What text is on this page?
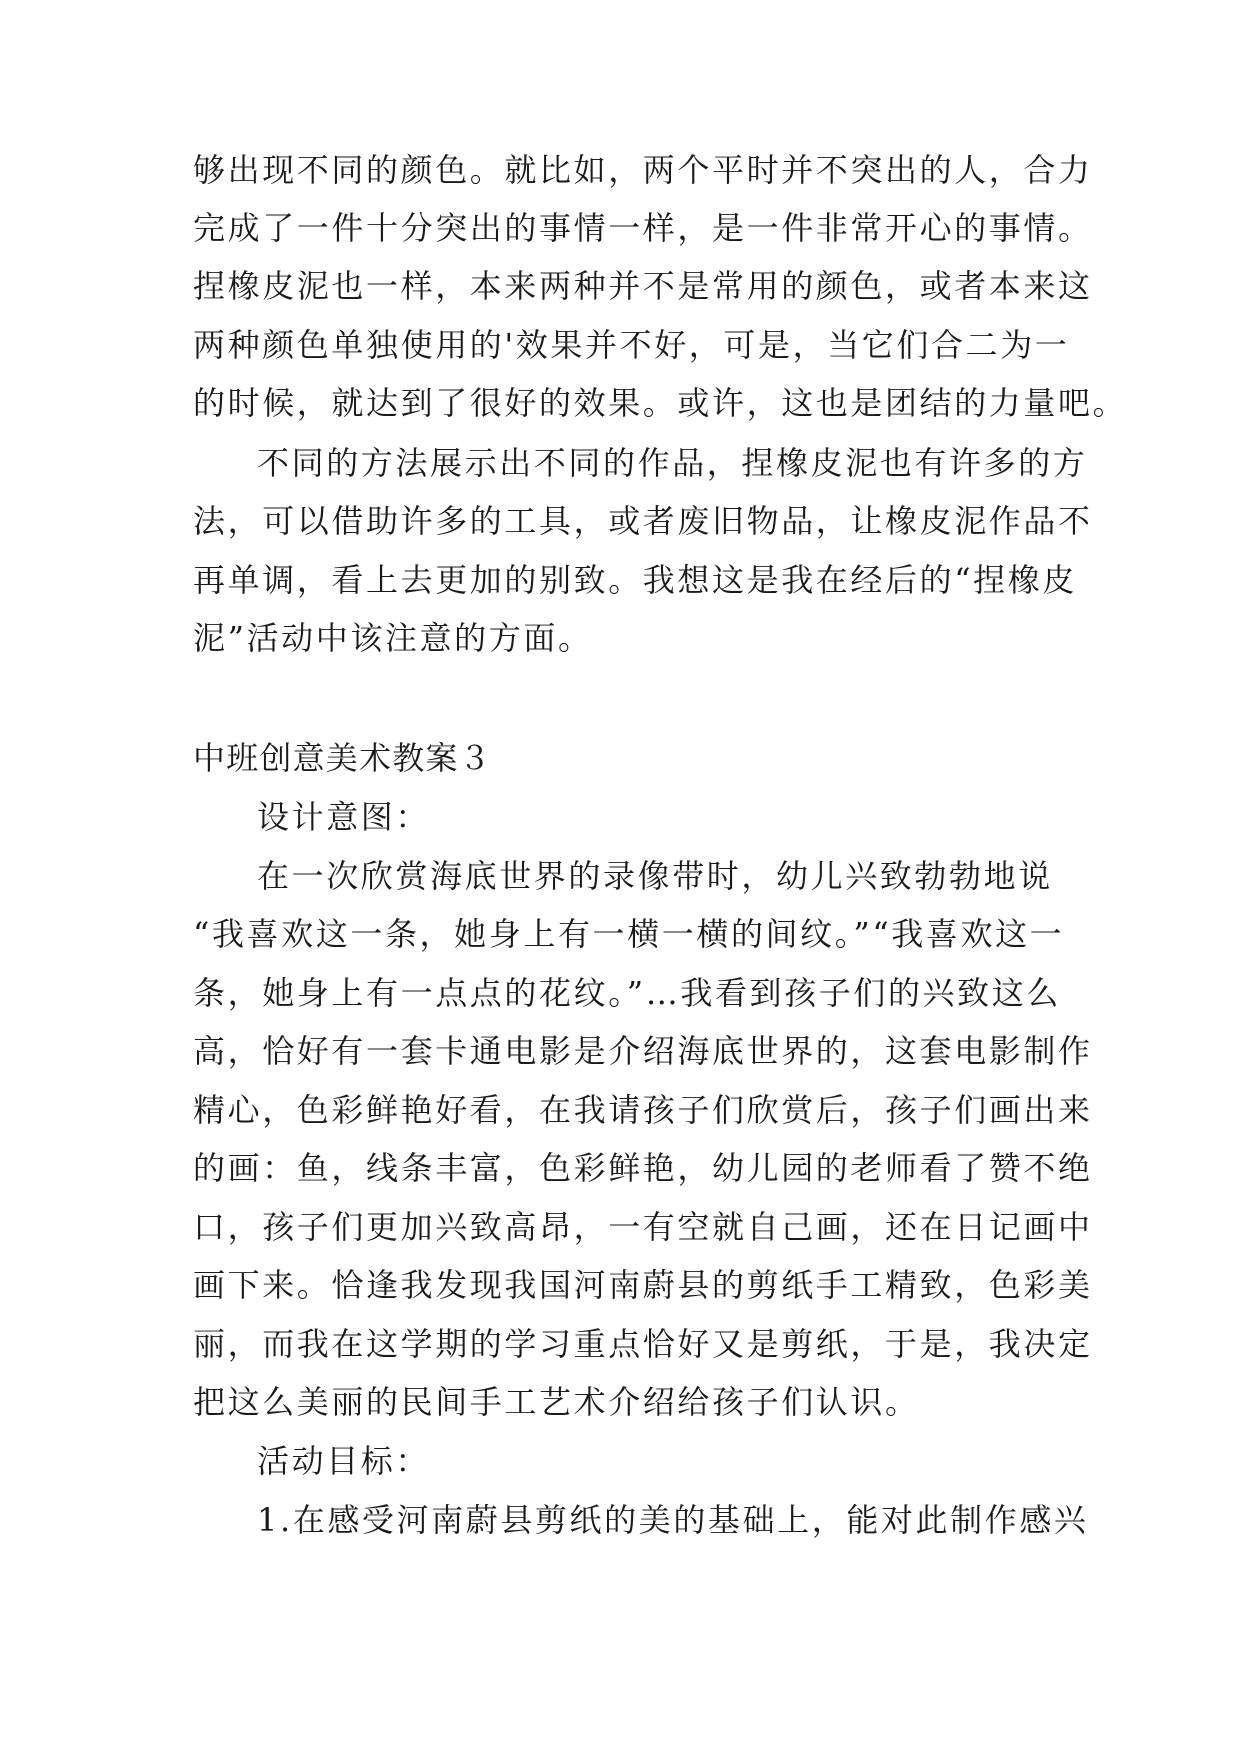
够出现不同的颜色。就比如，两个平时并不突出的人，合力
完成了一件十分突出的事情一样，是一件非常开心的事情。
捏橡皮泥也一样，本来两种并不是常用的颜色，或者本来这
两种颜色单独使用的'效果并不好，可是，当它们合二为一
的时候，就达到了很好的效果。或许，这也是团结的力量吧。
不同的方法展示出不同的作品，捏橡皮泥也有许多的方
法，可以借助许多的工具，或者废旧物品，让橡皮泥作品不
再单调，看上去更加的别致。我想这是我在经后的“捏橡皮
泥”活动中该注意的方面。
中班创意美术教案３
设计意图：
在一次欣赏海底世界的录像带时，幼儿兴致勃勃地说
“我喜欢这一条，她身上有一横一横的间纹。”“我喜欢这一
条，她身上有一点点的花纹。”…我看到孩子们的兴致这么
高，恰好有一套卡通电影是介绍海底世界的，这套电影制作
精心，色彩鲜艳好看，在我请孩子们欣赏后，孩子们画出来
的画：鱼，线条丰富，色彩鲜艳，幼儿园的老师看了赞不绝
口，孩子们更加兴致高昂，一有空就自己画，还在日记画中
画下来。恰逢我发现我国河南蔚县的剪纸手工精致，色彩美
丽，而我在这学期的学习重点恰好又是剪纸，于是，我决定
把这么美丽的民间手工艺术介绍给孩子们认识。
活动目标：
1.在感受河南蔚县剪纸的美的基础上，能对此制作感兴
